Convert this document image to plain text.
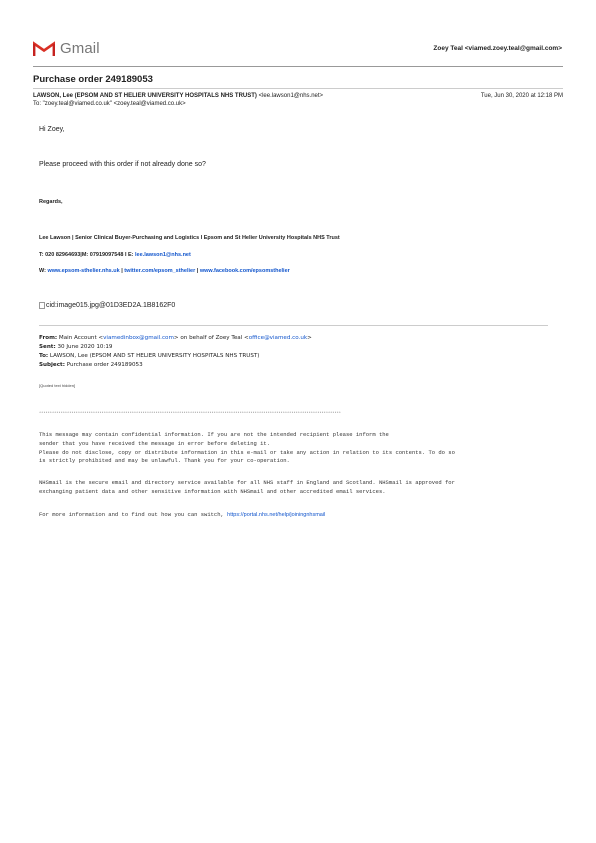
Gmail	Zoey Teal <viamed.zoey.teal@gmail.com>
Purchase order 249189053
LAWSON, Lee (EPSOM AND ST HELIER UNIVERSITY HOSPITALS NHS TRUST) <lee.lawson1@nhs.net>	Tue, Jun 30, 2020 at 12:18 PM
To: "zoey.teal@viamed.co.uk" <zoey.teal@viamed.co.uk>
Hi Zoey,
Please proceed with this order if not already done so?
Regards,
Lee Lawson | Senior Clinical Buyer-Purchasing and Logistics I Epsom and St Helier University Hospitals NHS Trust
T: 020 82964693|M: 07919097548 I E: lee.lawson1@nhs.net
W: www.epsom-sthelier.nhs.uk | twitter.com/epsom_sthelier | www.facebook.com/epsomsthelier
cid:image015.jpg@01D3ED2A.1B8162F0
From: Main Account <viamedinbox@gmail.com> on behalf of Zoey Teal <office@viamed.co.uk>
Sent: 30 June 2020 10:19
To: LAWSON, Lee (EPSOM AND ST HELIER UNIVERSITY HOSPITALS NHS TRUST)
Subject: Purchase order 249189053
[Quoted text hidden]
********************************************************************************************************************************************
This message may contain confidential information. If you are not the intended recipient please inform the
sender that you have received the message in error before deleting it.
Please do not disclose, copy or distribute information in this e-mail or take any action in relation to its contents. To do so
is strictly prohibited and may be unlawful. Thank you for your co-operation.
NHSmail is the secure email and directory service available for all NHS staff in England and Scotland. NHSmail is approved for
exchanging patient data and other sensitive information with NHSmail and other accredited email services.
For more information and to find out how you can switch, https://portal.nhs.net/help/joiningnhsmail
